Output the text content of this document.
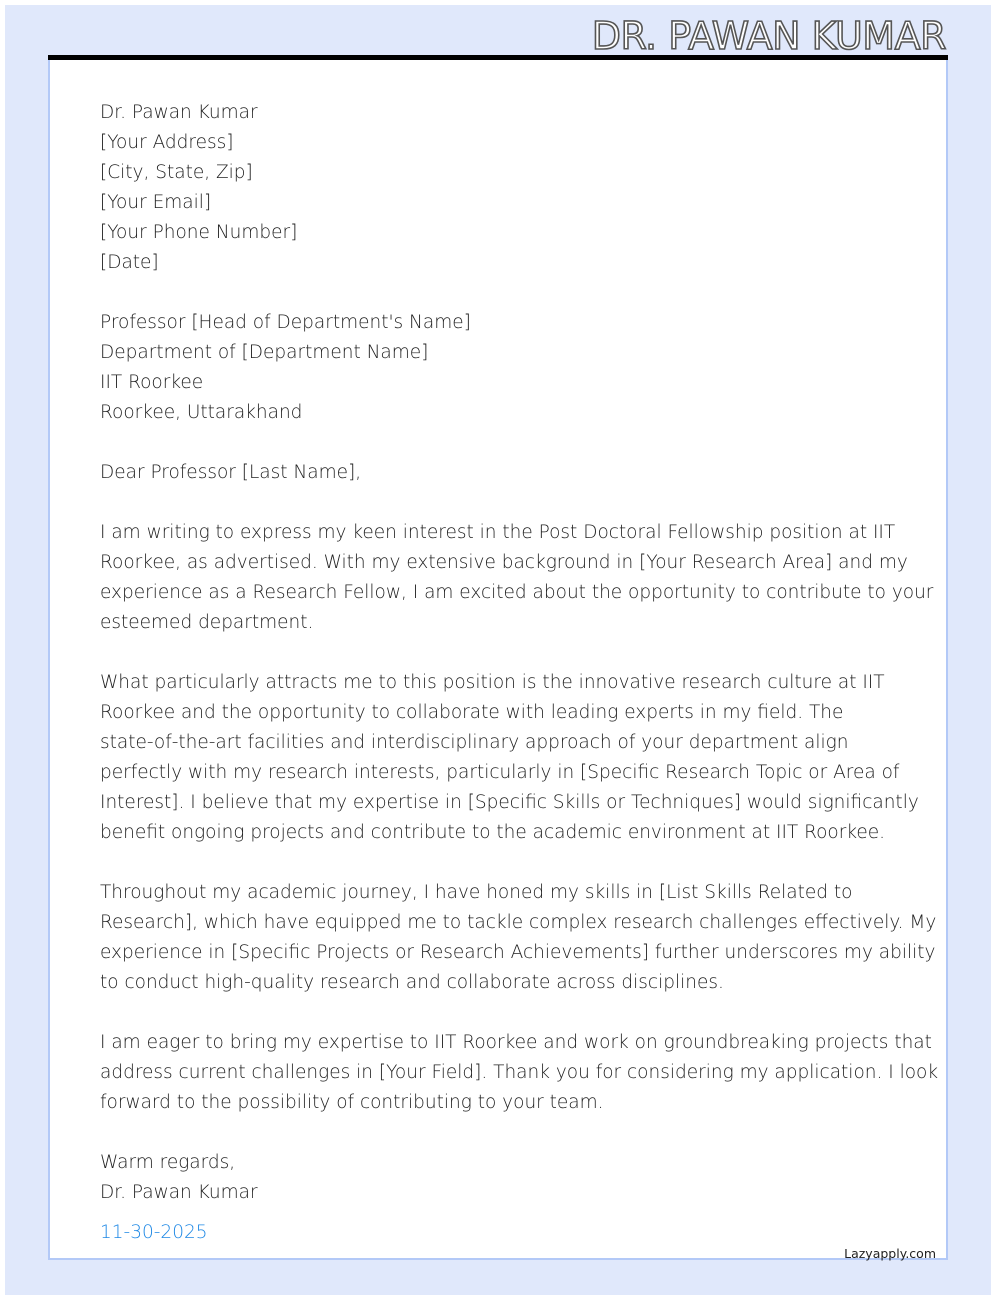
DR. PAWAN KUMAR
Dr. Pawan Kumar
[Your Address]
[City, State, Zip]
[Your Email]
[Your Phone Number]
[Date]
Professor [Head of Department's Name]
Department of [Department Name]
IIT Roorkee
Roorkee, Uttarakhand
Dear Professor [Last Name],
I am writing to express my keen interest in the Post Doctoral Fellowship position at IIT
Roorkee, as advertised. With my extensive background in [Your Research Area] and my
experience as a Research Fellow, I am excited about the opportunity to contribute to your
esteemed department.
What particularly attracts me to this position is the innovative research culture at IIT
Roorkee and the opportunity to collaborate with leading experts in my field. The
state-of-the-art facilities and interdisciplinary approach of your department align
perfectly with my research interests, particularly in [Specific Research Topic or Area of
Interest]. I believe that my expertise in [Specific Skills or Techniques] would significantly
benefit ongoing projects and contribute to the academic environment at IIT Roorkee.
Throughout my academic journey, I have honed my skills in [List Skills Related to
Research], which have equipped me to tackle complex research challenges effectively. My
experience in [Specific Projects or Research Achievements] further underscores my ability
to conduct high-quality research and collaborate across disciplines.
I am eager to bring my expertise to IIT Roorkee and work on groundbreaking projects that
address current challenges in [Your Field]. Thank you for considering my application. I look
forward to the possibility of contributing to your team.
Warm regards,
Dr. Pawan Kumar
11-30-2025
Lazyapply.com
